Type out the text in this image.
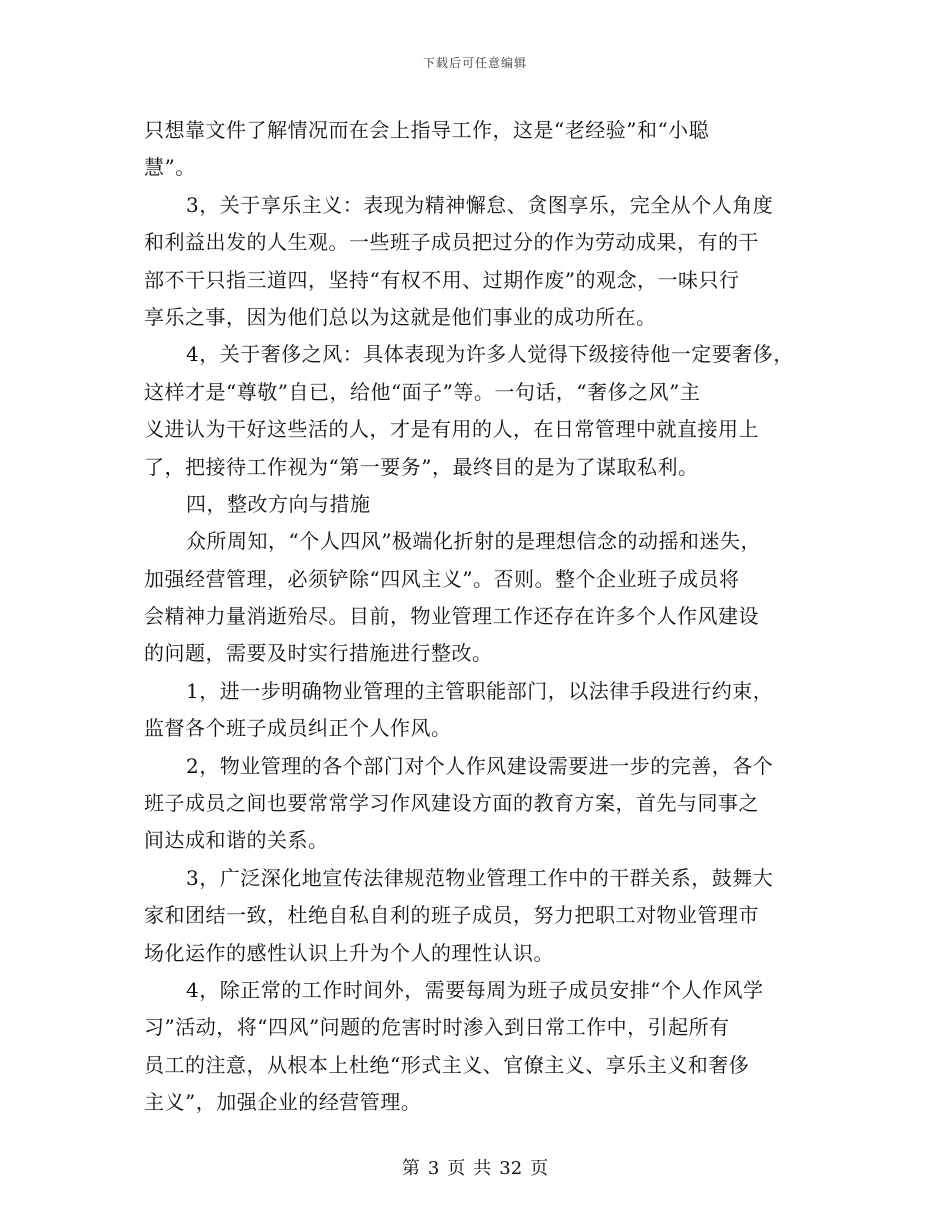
下载后可任意编辑
只想靠文件了解情况而在会上指导工作，这是“老经验”和“小聪
慧”。
3，关于享乐主义：表现为精神懈怠、贪图享乐，完全从个人角度
和利益出发的人生观。一些班子成员把过分的作为劳动成果，有的干
部不干只指三道四，坚持“有权不用、过期作废”的观念，一味只行
享乐之事，因为他们总以为这就是他们事业的成功所在。
4，关于奢侈之风：具体表现为许多人觉得下级接待他一定要奢侈，
这样才是“尊敬”自已，给他“面子”等。一句话，“奢侈之风”主
义进认为干好这些活的人，才是有用的人，在日常管理中就直接用上
了，把接待工作视为“第一要务”，最终目的是为了谋取私利。
四，整改方向与措施
众所周知，“个人四风”极端化折射的是理想信念的动摇和迷失，
加强经营管理，必须铲除“四风主义”。否则。整个企业班子成员将
会精神力量消逝殆尽。目前，物业管理工作还存在许多个人作风建设
的问题，需要及时实行措施进行整改。
1，进一步明确物业管理的主管职能部门，以法律手段进行约束，
监督各个班子成员纠正个人作风。
2，物业管理的各个部门对个人作风建设需要进一步的完善，各个
班子成员之间也要常常学习作风建设方面的教育方案，首先与同事之
间达成和谐的关系。
3，广泛深化地宣传法律规范物业管理工作中的干群关系，鼓舞大
家和团结一致，杜绝自私自利的班子成员，努力把职工对物业管理市
场化运作的感性认识上升为个人的理性认识。
4，除正常的工作时间外，需要每周为班子成员安排“个人作风学
习”活动，将“四风”问题的危害时时渗入到日常工作中，引起所有
员工的注意，从根本上杜绝“形式主义、官僚主义、享乐主义和奢侈
主义”，加强企业的经营管理。
第 3 页 共 32 页
